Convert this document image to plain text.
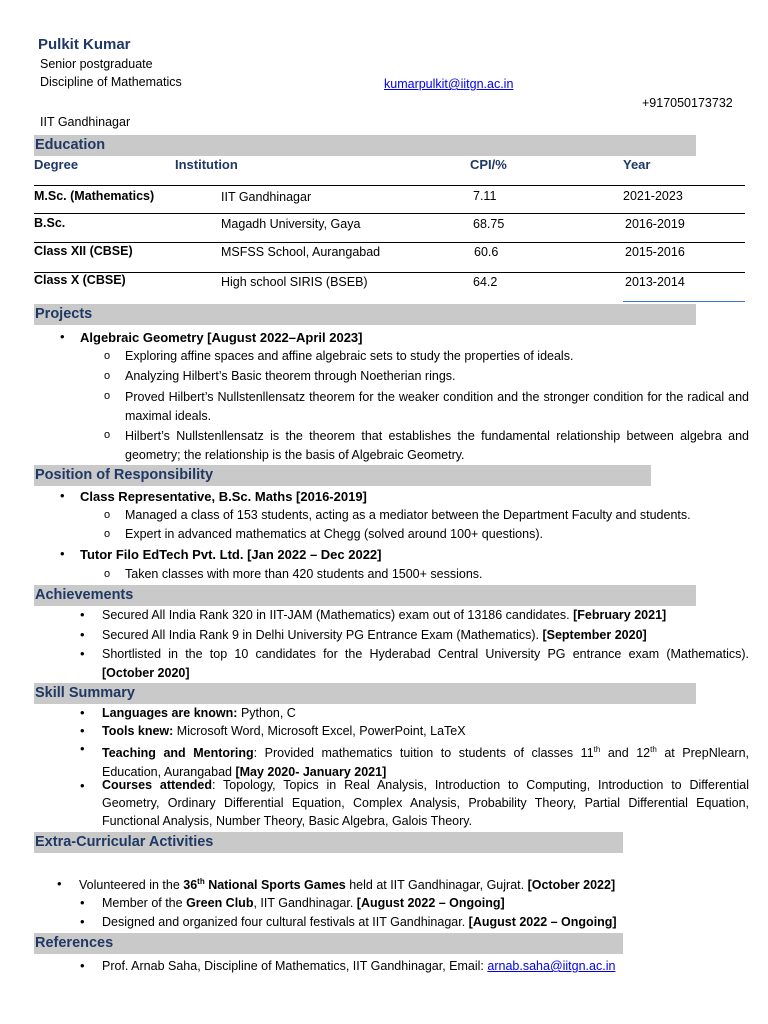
Pulkit Kumar
Senior postgraduate
Discipline of Mathematics	kumarpulkit@iitgn.ac.in
+917050173732
IIT Gandhinagar
Education
Degree	Institution	CPI/%	Year
M.Sc. (Mathematics)	IIT Gandhinagar	7.11	2021-2023
B.Sc.	Magadh University, Gaya	68.75	2016-2019
Class XII (CBSE)	MSFSS School, Aurangabad	60.6	2015-2016
Class X (CBSE)	High school SIRIS (BSEB)	64.2	2013-2014
Projects
• Algebraic Geometry [August 2022–April 2023]
o Exploring affine spaces and affine algebraic sets to study the properties of ideals.
o Analyzing Hilbert’s Basic theorem through Noetherian rings.
o Proved Hilbert’s Nullstenllensatz theorem for the weaker condition and the stronger condition for the radical and maximal ideals.
o Hilbert’s Nullstenllensatz is the theorem that establishes the fundamental relationship between algebra and geometry; the relationship is the basis of Algebraic Geometry.
Position of Responsibility
• Class Representative, B.Sc. Maths [2016-2019]
o Managed a class of 153 students, acting as a mediator between the Department Faculty and students.
o Expert in advanced mathematics at Chegg (solved around 100+ questions).
• Tutor Filo EdTech Pvt. Ltd. [Jan 2022 – Dec 2022]
o Taken classes with more than 420 students and 1500+ sessions.
Achievements
• Secured All India Rank 320 in IIT-JAM (Mathematics) exam out of 13186 candidates. [February 2021]
• Secured All India Rank 9 in Delhi University PG Entrance Exam (Mathematics). [September 2020]
• Shortlisted in the top 10 candidates for the Hyderabad Central University PG entrance exam (Mathematics). [October 2020]
Skill Summary
• Languages are known: Python, C
• Tools knew: Microsoft Word, Microsoft Excel, PowerPoint, LaTeX
• Teaching and Mentoring: Provided mathematics tuition to students of classes 11th and 12th at PrepNlearn, Education, Aurangabad [May 2020- January 2021]
• Courses attended: Topology, Topics in Real Analysis, Introduction to Computing, Introduction to Differential Geometry, Ordinary Differential Equation, Complex Analysis, Probability Theory, Partial Differential Equation, Functional Analysis, Number Theory, Basic Algebra, Galois Theory.
Extra-Curricular Activities
• Volunteered in the 36th National Sports Games held at IIT Gandhinagar, Gujrat. [October 2022]
• Member of the Green Club, IIT Gandhinagar. [August 2022 – Ongoing]
• Designed and organized four cultural festivals at IIT Gandhinagar. [August 2022 – Ongoing]
References
• Prof. Arnab Saha, Discipline of Mathematics, IIT Gandhinagar, Email: arnab.saha@iitgn.ac.in
